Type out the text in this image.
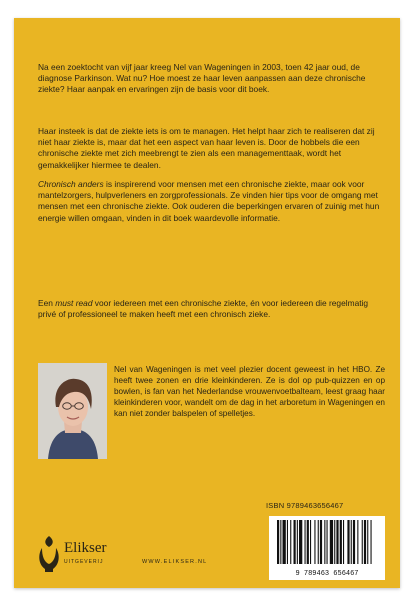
Na een zoektocht van vijf jaar kreeg Nel van Wageningen in 2003, toen 42 jaar oud, de diagnose Parkinson. Wat nu? Hoe moest ze haar leven aanpassen aan deze chronische ziekte? Haar aanpak en ervaringen zijn de basis voor dit boek.

Haar insteek is dat de ziekte iets is om te managen. Het helpt haar zich te realiseren dat zij niet haar ziekte is, maar dat het een aspect van haar leven is. Door de hobbels die een chronische ziekte met zich meebrengt te zien als een managementtaak, wordt het gemakkelijker hiermee te dealen.

Chronisch anders is inspirerend voor mensen met een chronische ziekte, maar ook voor mantelzorgers, hulpverleners en zorgprofessionals. Ze vinden hier tips voor de omgang met mensen met een chronische ziekte. Ook ouderen die beperkingen ervaren of zuinig met hun energie willen omgaan, vinden in dit boek waardevolle informatie.

Een must read voor iedereen met een chronische ziekte, én voor iedereen die regelmatig privé of professioneel te maken heeft met een chronisch zieke.

Nel van Wageningen is met veel plezier docent geweest in het HBO. Ze heeft twee zonen en drie kleinkinderen. Ze is dol op pub-quizzen en op bowlen, is fan van het Nederlandse vrouwenvoetbalteam, leest graag haar kleinkinderen voor, wandelt om de dag in het arboretum in Wageningen en kan niet zonder balspelen of spelletjes.

ISBN 9789463656467
9 789463 656467
Elikser
UITGEVERIJ	WWW.ELIKSER.NL
